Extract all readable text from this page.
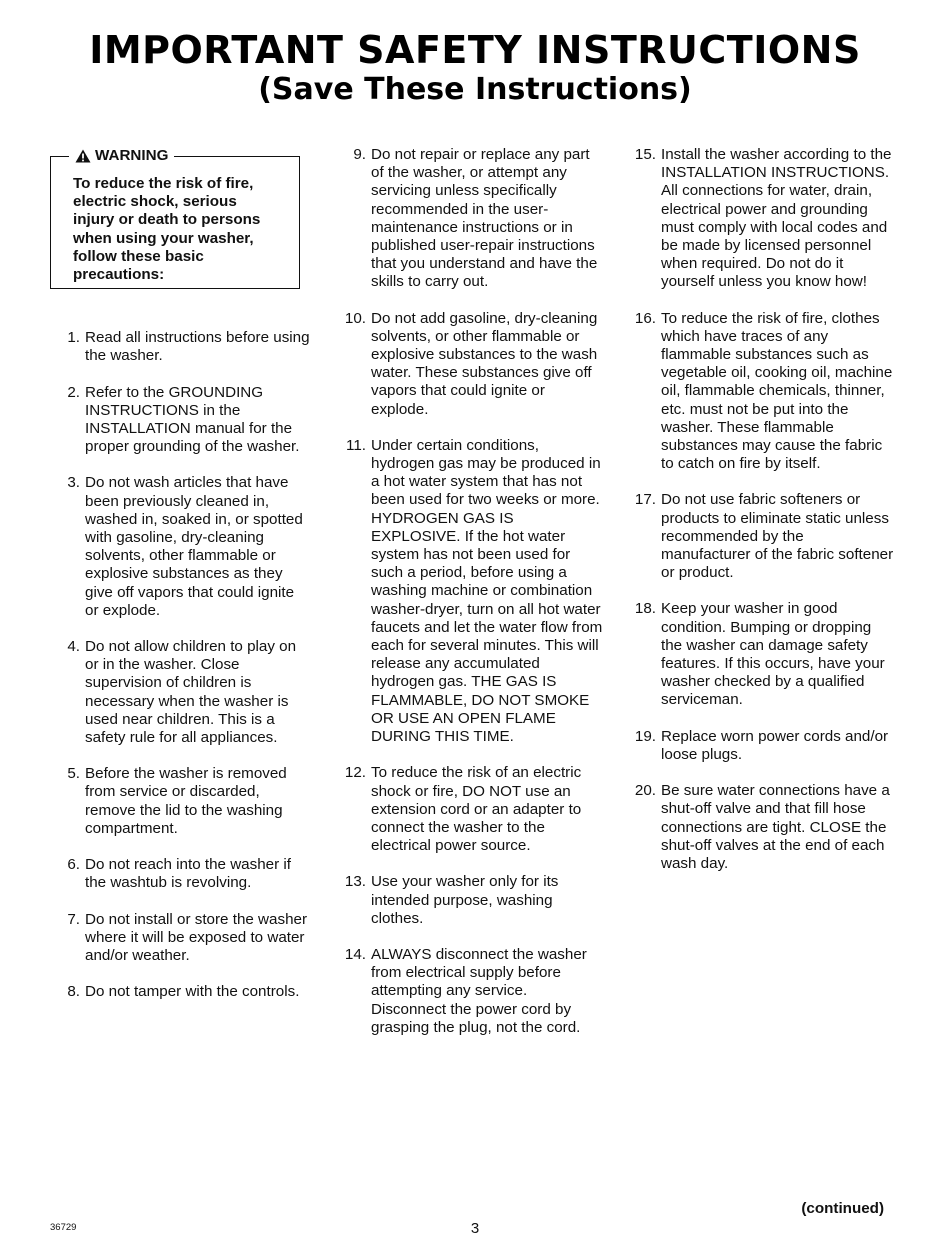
IMPORTANT SAFETY INSTRUCTIONS
(Save These Instructions)
WARNING

To reduce the risk of fire, electric shock, serious injury or death to persons when using your washer, follow these basic precautions:

1. Read all instructions before using the washer.
2. Refer to the GROUNDING INSTRUCTIONS in the INSTALLATION manual for the proper grounding of the washer.
3. Do not wash articles that have been previously cleaned in, washed in, soaked in, or spotted with gasoline, dry-cleaning solvents, other flammable or explosive substances as they give off vapors that could ignite or explode.
4. Do not allow children to play on or in the washer. Close supervision of children is necessary when the washer is used near children. This is a safety rule for all appliances.
5. Before the washer is removed from service or discarded, remove the lid to the washing compartment.
6. Do not reach into the washer if the washtub is revolving.
7. Do not install or store the washer where it will be exposed to water and/or weather.
8. Do not tamper with the controls.
9. Do not repair or replace any part of the washer, or attempt any servicing unless specifically recommended in the user-maintenance instructions or in published user-repair instructions that you understand and have the skills to carry out.
10. Do not add gasoline, dry-cleaning solvents, or other flammable or explosive substances to the wash water. These substances give off vapors that could ignite or explode.
11. Under certain conditions, hydrogen gas may be produced in a hot water system that has not been used for two weeks or more. HYDROGEN GAS IS EXPLOSIVE. If the hot water system has not been used for such a period, before using a washing machine or combination washer-dryer, turn on all hot water faucets and let the water flow from each for several minutes. This will release any accumulated hydrogen gas. THE GAS IS FLAMMABLE, DO NOT SMOKE OR USE AN OPEN FLAME DURING THIS TIME.
12. To reduce the risk of an electric shock or fire, DO NOT use an extension cord or an adapter to connect the washer to the electrical power source.
13. Use your washer only for its intended purpose, washing clothes.
14. ALWAYS disconnect the washer from electrical supply before attempting any service. Disconnect the power cord by grasping the plug, not the cord.
15. Install the washer according to the INSTALLATION INSTRUCTIONS. All connections for water, drain, electrical power and grounding must comply with local codes and be made by licensed personnel when required. Do not do it yourself unless you know how!
16. To reduce the risk of fire, clothes which have traces of any flammable substances such as vegetable oil, cooking oil, machine oil, flammable chemicals, thinner, etc. must not be put into the washer. These flammable substances may cause the fabric to catch on fire by itself.
17. Do not use fabric softeners or products to eliminate static unless recommended by the manufacturer of the fabric softener or product.
18. Keep your washer in good condition. Bumping or dropping the washer can damage safety features. If this occurs, have your washer checked by a qualified serviceman.
19. Replace worn power cords and/or loose plugs.
20. Be sure water connections have a shut-off valve and that fill hose connections are tight. CLOSE the shut-off valves at the end of each wash day.
(continued)
36729	3
